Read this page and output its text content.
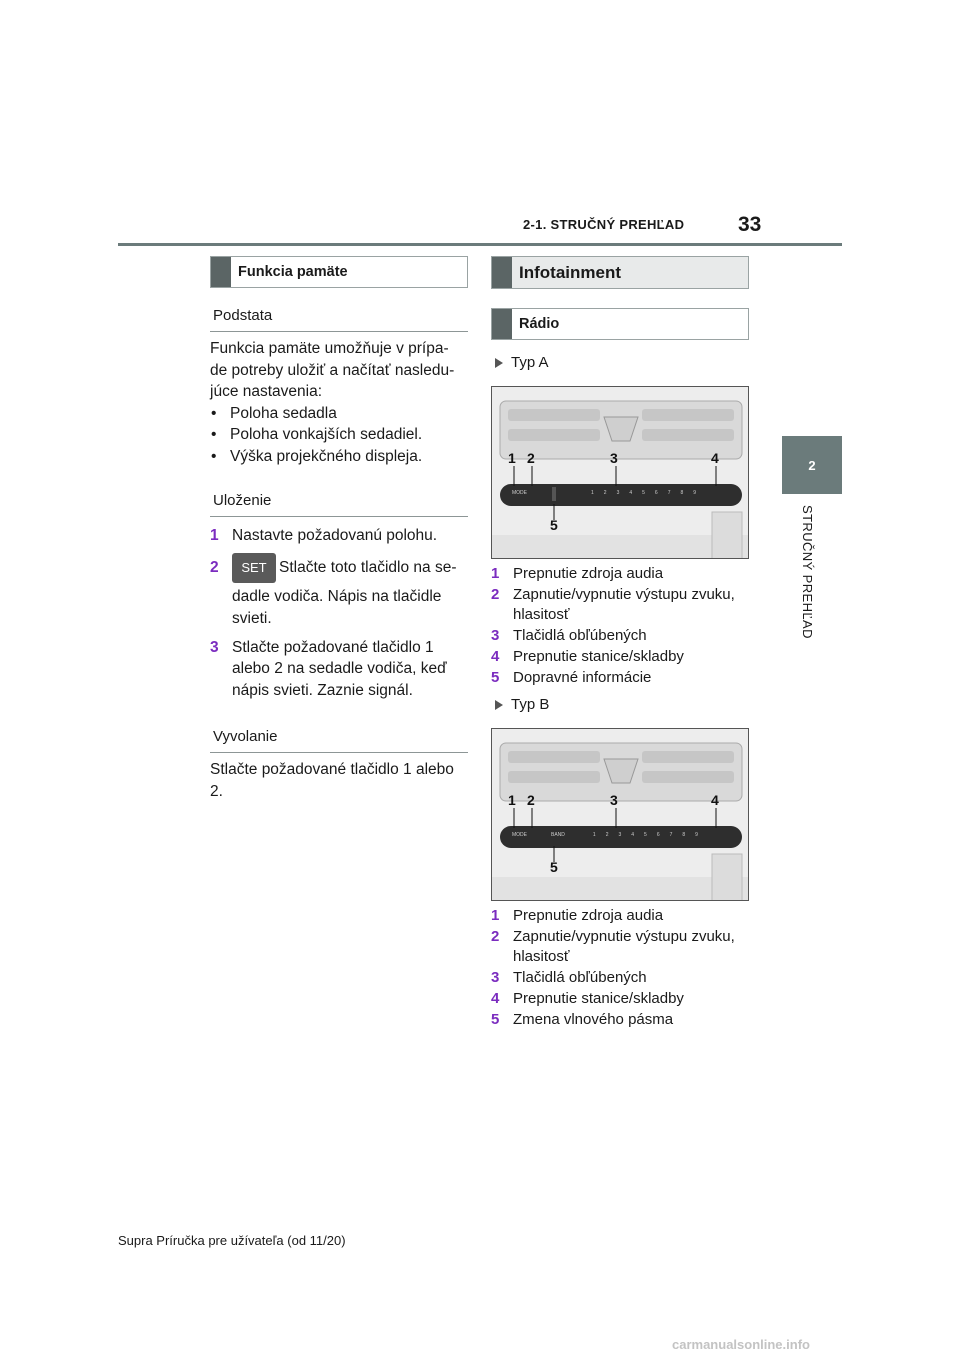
2-1. STRUČNÝ PREHĽAD	33
2
STRUČNÝ PREHĽAD
Funkcia pamäte
Podstata
Funkcia pamäte umožňuje v prípa-
de potreby uložiť a načítať nasledu-
júce nastavenia:
• Poloha sedadla
• Poloha vonkajších sedadiel.
• Výška projekčného displeja.
Uloženie
1 Nastavte požadovanú polohu.
2	SET Stlačte toto tlačidlo na se-
dadle vodiča. Nápis na tlačidle
svieti.
3 Stlačte požadované tlačidlo 1
alebo 2 na sedadle vodiča, keď
nápis svieti. Zaznie signál.
Vyvolanie
Stlačte požadované tlačidlo 1 alebo
2.
Infotainment
Rádio
Typ A
1 2	3	4
5
MODE	1 2 3 4 5 6 7 8 9
1 Prepnutie zdroja audia
2 Zapnutie/vypnutie výstupu zvuku,
hlasitosť
3 Tlačidlá obľúbených
4 Prepnutie stanice/skladby
5 Dopravné informácie
Typ B
1 2	3	4
5
MODE	BAND	1 2 3 4 5 6 7 8 9
1 Prepnutie zdroja audia
2 Zapnutie/vypnutie výstupu zvuku,
hlasitosť
3 Tlačidlá obľúbených
4 Prepnutie stanice/skladby
5 Zmena vlnového pásma
Supra Príručka pre užívateľa (od 11/20)
carmanualsonline.info
